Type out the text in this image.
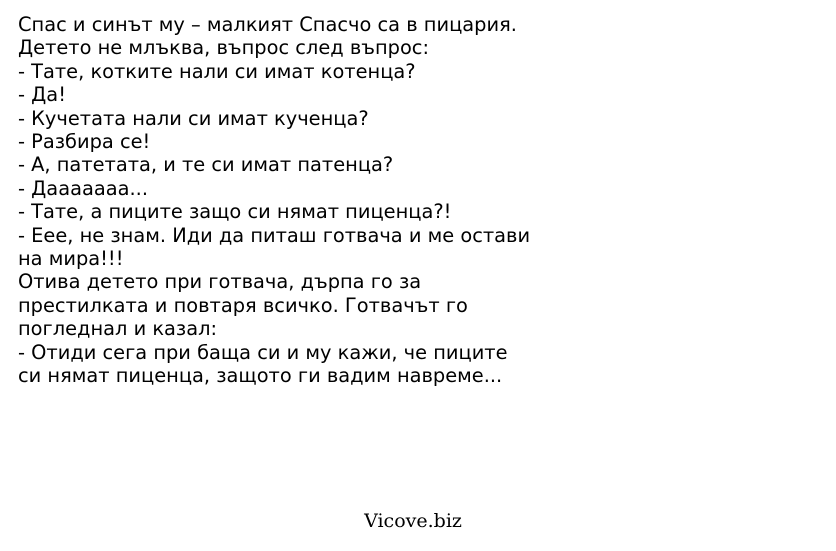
Спас и синът му – малкият Спасчо са в пицария.
Детето не млъква, въпрос след въпрос:
- Тате, котките нали си имат котенца?
- Да!
- Кучетата нали си имат кученца?
- Разбира се!
- А, патетата, и те си имат патенца?
- Дааааааа...
- Тате, а пиците защо си нямат пиценца?!
- Еее, не знам. Иди да питаш готвача и ме остави
на мира!!!
Отива детето при готвача, дърпа го за
престилката и повтаря всичко. Готвачът го
погледнал и казал:
- Отиди сега при баща си и му кажи, че пиците
си нямат пиценца, защото ги вадим навреме...
Vicove.biz
